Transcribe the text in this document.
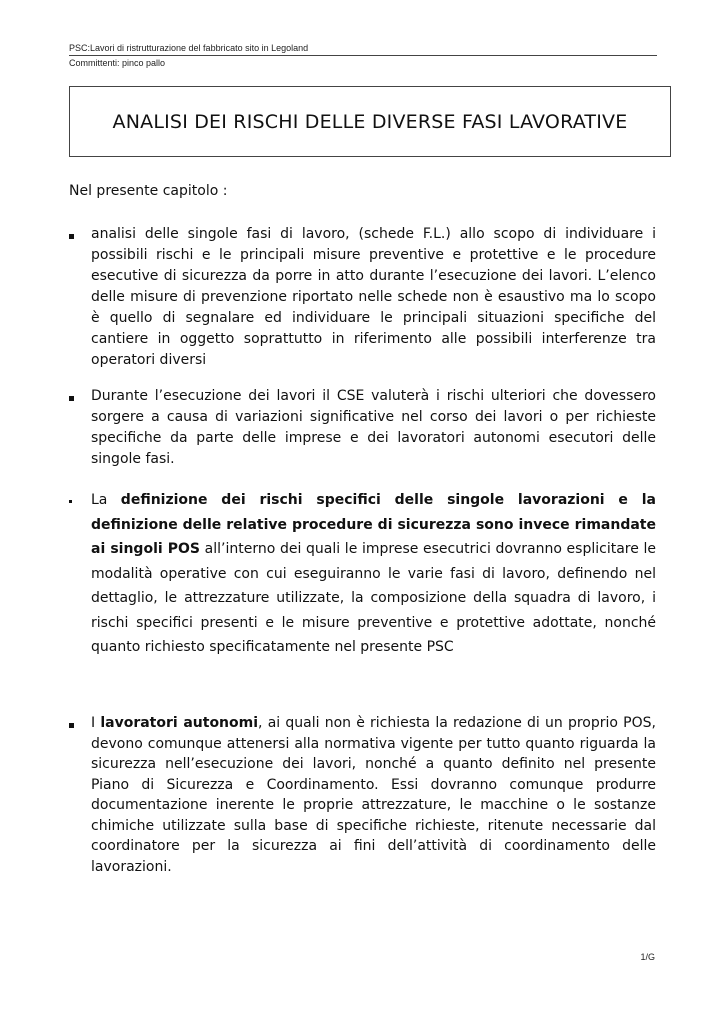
PSC:Lavori di ristrutturazione del fabbricato sito in Legoland
Committenti: pinco pallo
ANALISI DEI RISCHI DELLE DIVERSE FASI LAVORATIVE
Nel presente capitolo :
analisi delle singole fasi di lavoro, (schede F.L.) allo scopo di individuare i possibili rischi e le principali misure preventive e protettive e le procedure esecutive di sicurezza da porre in atto durante l’esecuzione dei lavori. L’elenco delle misure di prevenzione riportato nelle schede non è esaustivo ma lo scopo è quello di segnalare ed individuare le principali situazioni specifiche del cantiere in oggetto soprattutto in riferimento alle possibili interferenze tra operatori diversi
Durante l’esecuzione dei lavori il CSE valuterà i rischi ulteriori che dovessero sorgere a causa di variazioni significative nel corso dei lavori o per richieste specifiche da parte delle imprese e dei lavoratori autonomi esecutori delle singole fasi.
La definizione dei rischi specifici delle singole lavorazioni e la definizione delle relative procedure di sicurezza sono invece rimandate ai singoli POS all’interno dei quali le imprese esecutrici dovranno esplicitare le modalità operative con cui eseguiranno le varie fasi di lavoro, definendo nel dettaglio, le attrezzature utilizzate, la composizione della squadra di lavoro, i rischi specifici presenti e le misure preventive e protettive adottate, nonché quanto richiesto specificatamente nel presente PSC
I lavoratori autonomi, ai quali non è richiesta la redazione di un proprio POS, devono comunque attenersi alla normativa vigente per tutto quanto riguarda la sicurezza nell’esecuzione dei lavori, nonché a quanto definito nel presente Piano di Sicurezza e Coordinamento. Essi dovranno comunque produrre documentazione inerente le proprie attrezzature, le macchine o le sostanze chimiche utilizzate sulla base di specifiche richieste, ritenute necessarie dal coordinatore per la sicurezza ai fini dell’attività di coordinamento delle lavorazioni.
1/G
